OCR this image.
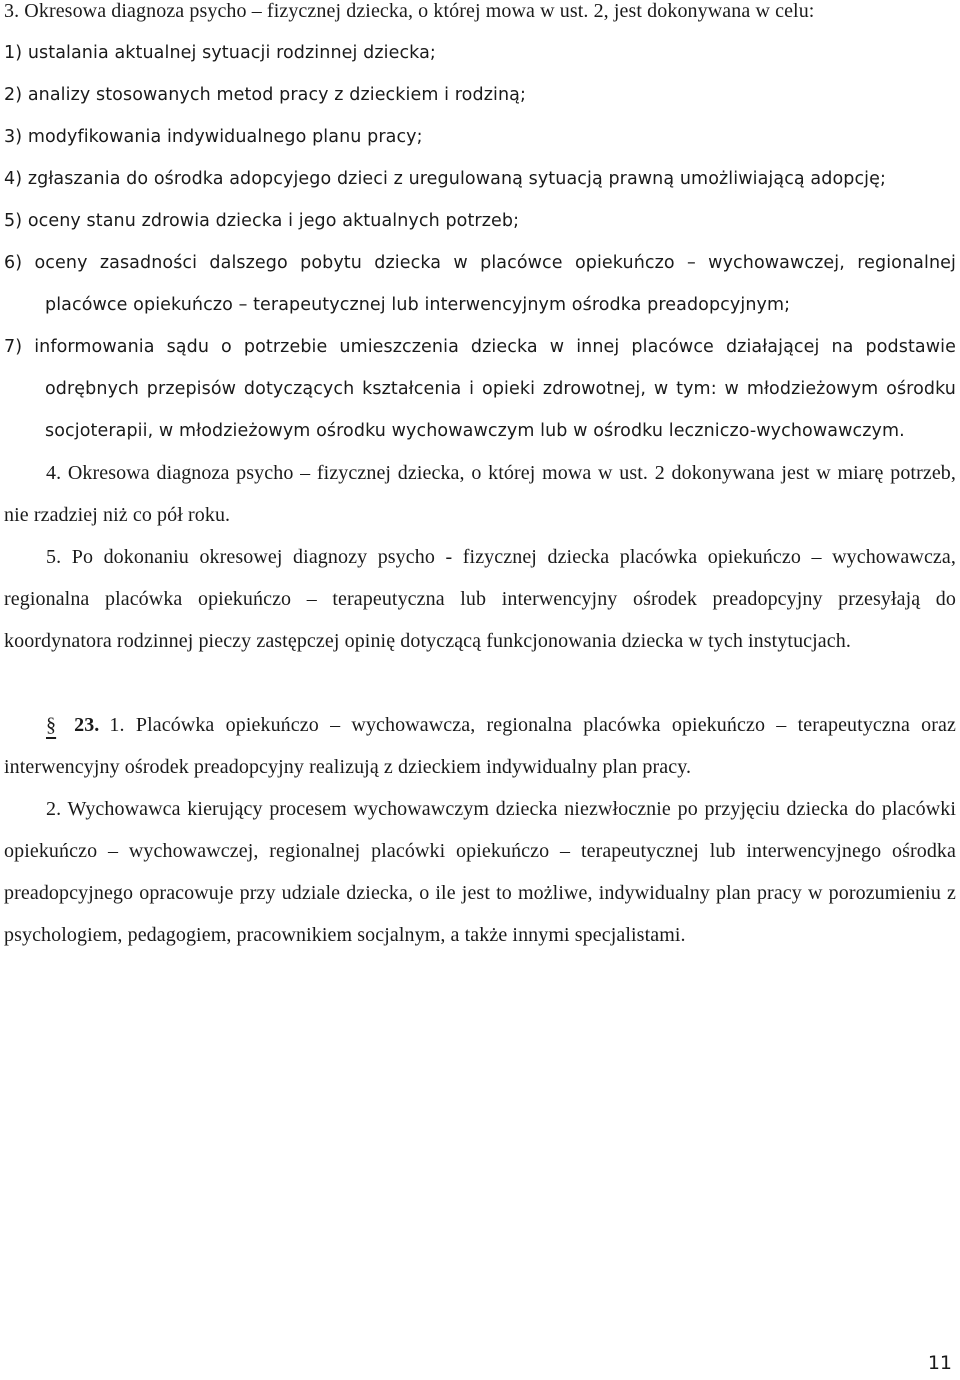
3. Okresowa diagnoza psycho – fizycznej dziecka, o której mowa w ust. 2, jest dokonywana w celu:

1) ustalania aktualnej sytuacji rodzinnej dziecka;

2) analizy stosowanych metod pracy z dzieckiem i rodziną;

3) modyfikowania indywidualnego planu pracy;

4) zgłaszania do ośrodka adopcyjego dzieci z uregulowaną sytuacją prawną umożliwiającą adopcję;

5) oceny stanu zdrowia dziecka i jego aktualnych potrzeb;

6) oceny zasadności dalszego pobytu dziecka w placówce opiekuńczo – wychowawczej, regionalnej placówce opiekuńczo – terapeutycznej lub interwencyjnym ośrodka preadopcyjnym;

7) informowania sądu o potrzebie umieszczenia dziecka w innej placówce działającej na podstawie odrębnych przepisów dotyczących kształcenia i opieki zdrowotnej, w tym: w młodzieżowym ośrodku socjoterapii, w młodzieżowym ośrodku wychowawczym lub w ośrodku leczniczo-wychowawczym.

4. Okresowa diagnoza psycho – fizycznej dziecka, o której mowa w ust. 2 dokonywana jest w miarę potrzeb, nie rzadziej niż co pół roku.

5. Po dokonaniu okresowej diagnozy psycho - fizycznej dziecka placówka opiekuńczo – wychowawcza, regionalna placówka opiekuńczo – terapeutyczna lub interwencyjny ośrodek preadopcyjny przesyłają do koordynatora rodzinnej pieczy zastępczej opinię dotyczącą funkcjonowania dziecka w tych instytucjach.

§ 23. 1. Placówka opiekuńczo – wychowawcza, regionalna placówka opiekuńczo – terapeutyczna oraz interwencyjny ośrodek preadopcyjny realizują z dzieckiem indywidualny plan pracy.

2. Wychowawca kierujący procesem wychowawczym dziecka niezwłocznie po przyjęciu dziecka do placówki opiekuńczo – wychowawczej, regionalnej placówki opiekuńczo – terapeutycznej lub interwencyjnego ośrodka preadopcyjnego opracowuje przy udziale dziecka, o ile jest to możliwe, indywidualny plan pracy w porozumieniu z psychologiem, pedagogiem, pracownikiem socjalnym, a także innymi specjalistami.

11
